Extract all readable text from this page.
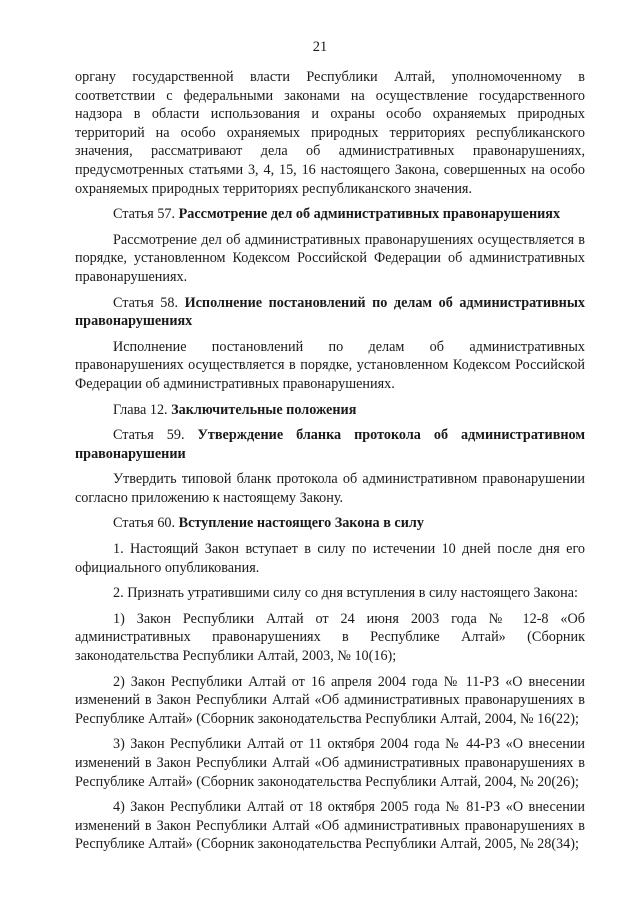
21

органу государственной власти Республики Алтай, уполномоченному в соответствии с федеральными законами на осуществление государственного надзора в области использования и охраны особо охраняемых природных территорий на особо охраняемых природных территориях республиканского значения, рассматривают дела об административных правонарушениях, предусмотренных статьями 3, 4, 15, 16 настоящего Закона, совершенных на особо охраняемых природных территориях республиканского значения.

Статья 57. Рассмотрение дел об административных правонарушениях

Рассмотрение дел об административных правонарушениях осуществляется в порядке, установленном Кодексом Российской Федерации об административных правонарушениях.

Статья 58. Исполнение постановлений по делам об административных правонарушениях

Исполнение постановлений по делам об административных правонарушениях осуществляется в порядке, установленном Кодексом Российской Федерации об административных правонарушениях.

Глава 12. Заключительные положения
Статья 59. Утверждение бланка протокола об административном правонарушении

Утвердить типовой бланк протокола об административном правонарушении согласно приложению к настоящему Закону.

Статья 60. Вступление настоящего Закона в силу

1. Настоящий Закон вступает в силу по истечении 10 дней после дня его официального опубликования.

2. Признать утратившими силу со дня вступления в силу настоящего Закона:

1) Закон Республики Алтай от 24 июня 2003 года № 12-8 «Об административных правонарушениях в Республике Алтай» (Сборник законодательства Республики Алтай, 2003, № 10(16);

2) Закон Республики Алтай от 16 апреля 2004 года № 11-РЗ «О внесении изменений в Закон Республики Алтай «Об административных правонарушениях в Республике Алтай» (Сборник законодательства Республики Алтай, 2004, № 16(22);

3) Закон Республики Алтай от 11 октября 2004 года № 44-РЗ «О внесении изменений в Закон Республики Алтай «Об административных правонарушениях в Республике Алтай» (Сборник законодательства Республики Алтай, 2004, № 20(26);

4) Закон Республики Алтай от 18 октября 2005 года № 81-РЗ «О внесении изменений в Закон Республики Алтай «Об административных правонарушениях в Республике Алтай» (Сборник законодательства Республики Алтай, 2005, № 28(34);
